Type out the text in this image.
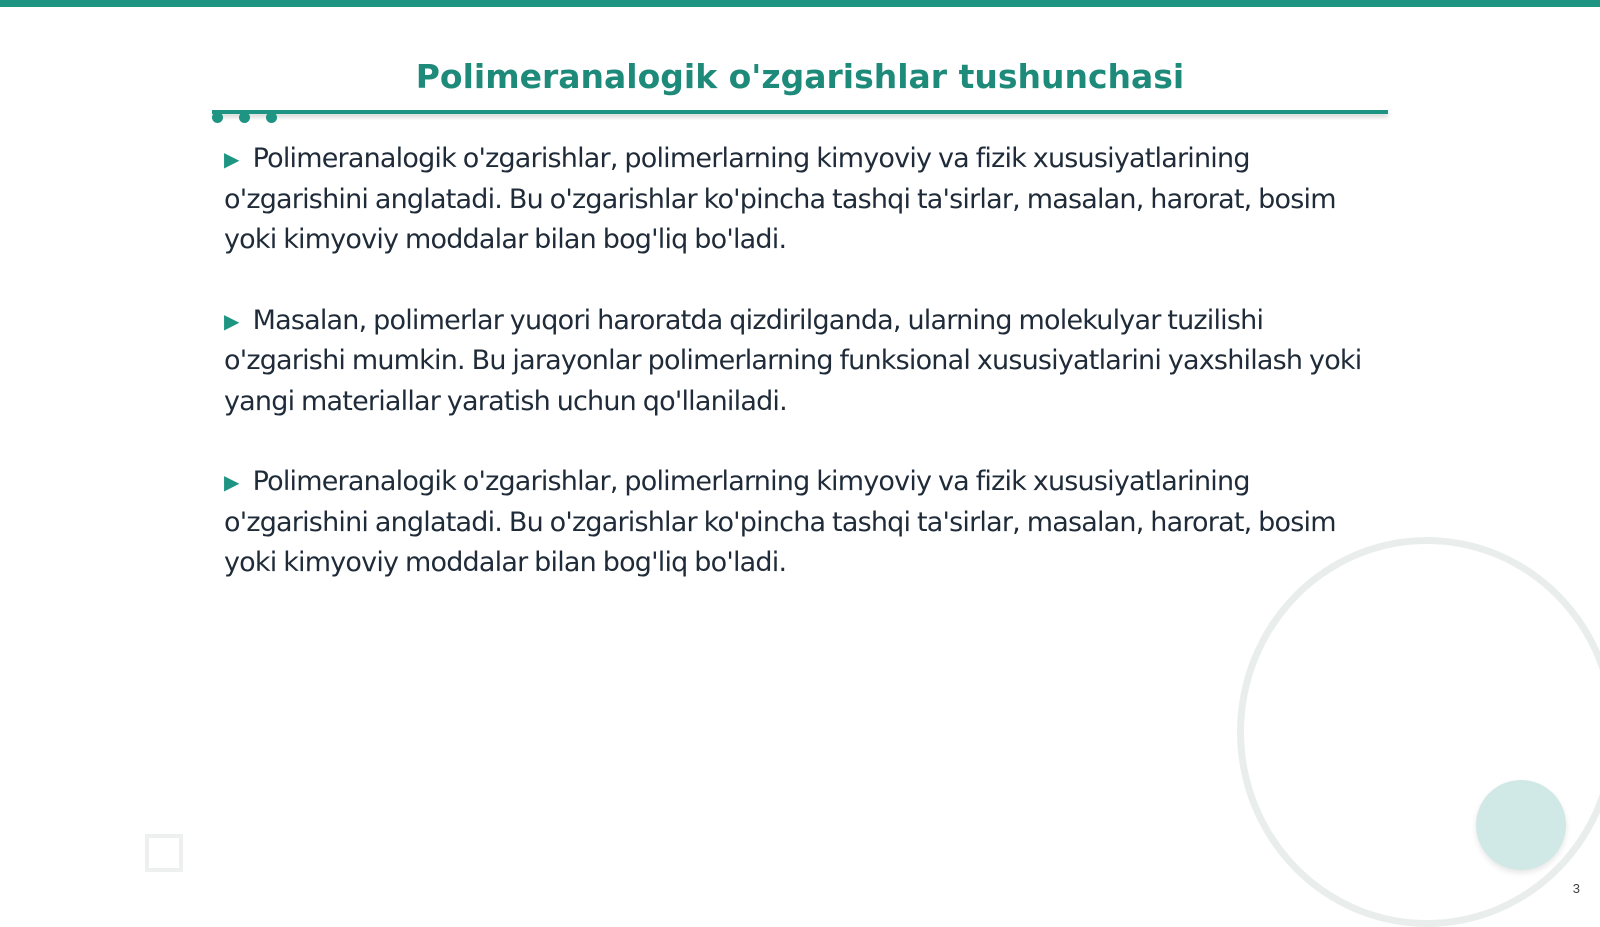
Polimeranalogik o'zgarishlar tushunchasi

▶ Polimeranalogik o'zgarishlar, polimerlarning kimyoviy va fizik xususiyatlarining o'zgarishini anglatadi. Bu o'zgarishlar ko'pincha tashqi ta'sirlar, masalan, harorat, bosim yoki kimyoviy moddalar bilan bog'liq bo'ladi.

▶ Masalan, polimerlar yuqori haroratda qizdirilganda, ularning molekulyar tuzilishi o'zgarishi mumkin. Bu jarayonlar polimerlarning funksional xususiyatlarini yaxshilash yoki yangi materiallar yaratish uchun qo'llaniladi.

▶ Polimeranalogik o'zgarishlar, polimerlarning kimyoviy va fizik xususiyatlarining o'zgarishini anglatadi. Bu o'zgarishlar ko'pincha tashqi ta'sirlar, masalan, harorat, bosim yoki kimyoviy moddalar bilan bog'liq bo'ladi.

3
